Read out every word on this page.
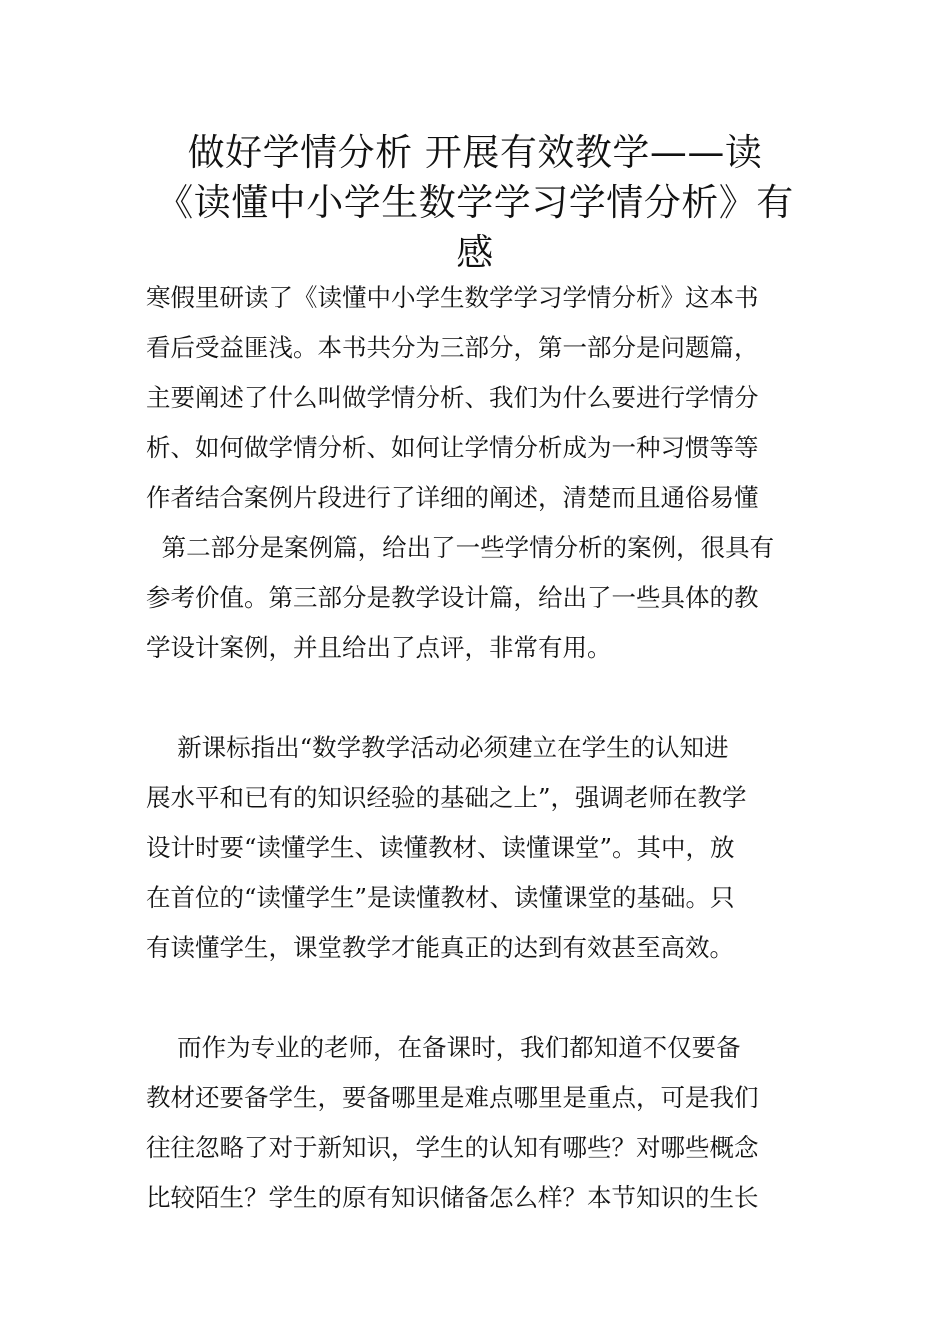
做好学情分析 开展有效教学——读
《读懂中小学生数学学习学情分析》有
感
寒假里研读了《读懂中小学生数学学习学情分析》这本书
看后受益匪浅。本书共分为三部分，第一部分是问题篇，
主要阐述了什么叫做学情分析、我们为什么要进行学情分
析、如何做学情分析、如何让学情分析成为一种习惯等等
作者结合案例片段进行了详细的阐述，清楚而且通俗易懂
第二部分是案例篇，给出了一些学情分析的案例，很具有
参考价值。第三部分是教学设计篇，给出了一些具体的教
学设计案例，并且给出了点评，非常有用。
新课标指出“数学教学活动必须建立在学生的认知进
展水平和已有的知识经验的基础之上”，强调老师在教学
设计时要“读懂学生、读懂教材、读懂课堂”。其中，放
在首位的“读懂学生”是读懂教材、读懂课堂的基础。只
有读懂学生，课堂教学才能真正的达到有效甚至高效。
而作为专业的老师，在备课时，我们都知道不仅要备
教材还要备学生，要备哪里是难点哪里是重点，可是我们
往往忽略了对于新知识，学生的认知有哪些？对哪些概念
比较陌生？学生的原有知识储备怎么样？本节知识的生长
